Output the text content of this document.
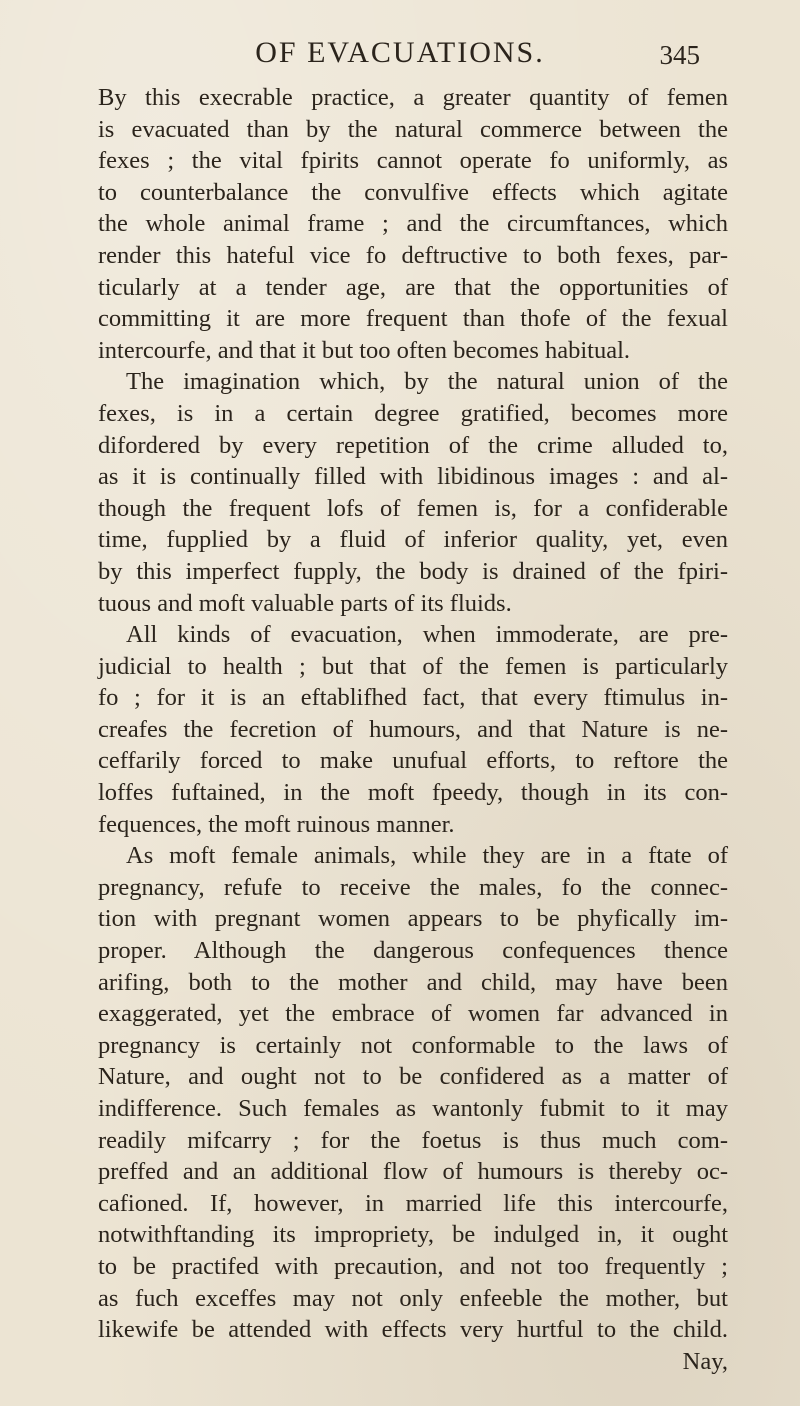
OF EVACUATIONS.	345
By this execrable practice, a greater quantity of femen
is evacuated than by the natural commerce between the
fexes ; the vital fpirits cannot operate fo uniformly, as
to counterbalance the convulfive effects which agitate
the whole animal frame ; and the circumftances, which
render this hateful vice fo deftructive to both fexes, par-
ticularly at a tender age, are that the opportunities of
committing it are more frequent than thofe of the fexual
intercourfe, and that it but too often becomes habitual.
The imagination which, by the natural union of the
fexes, is in a certain degree gratified, becomes more
difordered by every repetition of the crime alluded to,
as it is continually filled with libidinous images : and al-
though the frequent lofs of femen is, for a confiderable
time, fupplied by a fluid of inferior quality, yet, even
by this imperfect fupply, the body is drained of the fpiri-
tuous and moft valuable parts of its fluids.
All kinds of evacuation, when immoderate, are pre-
judicial to health ; but that of the femen is particularly
fo ; for it is an eftablifhed fact, that every ftimulus in-
creafes the fecretion of humours, and that Nature is ne-
ceffarily forced to make unufual efforts, to reftore the
loffes fuftained, in the moft fpeedy, though in its con-
fequences, the moft ruinous manner.
As moft female animals, while they are in a ftate of
pregnancy, refufe to receive the males, fo the connec-
tion with pregnant women appears to be phyfically im-
proper. Although the dangerous confequences thence
arifing, both to the mother and child, may have been
exaggerated, yet the embrace of women far advanced in
pregnancy is certainly not conformable to the laws of
Nature, and ought not to be confidered as a matter of
indifference. Such females as wantonly fubmit to it may
readily mifcarry ; for the foetus is thus much com-
preffed and an additional flow of humours is thereby oc-
cafioned. If, however, in married life this intercourfe,
notwithftanding its impropriety, be indulged in, it ought
to be practifed with precaution, and not too frequently ;
as fuch exceffes may not only enfeeble the mother, but
likewife be attended with effects very hurtful to the child.
Nay,
